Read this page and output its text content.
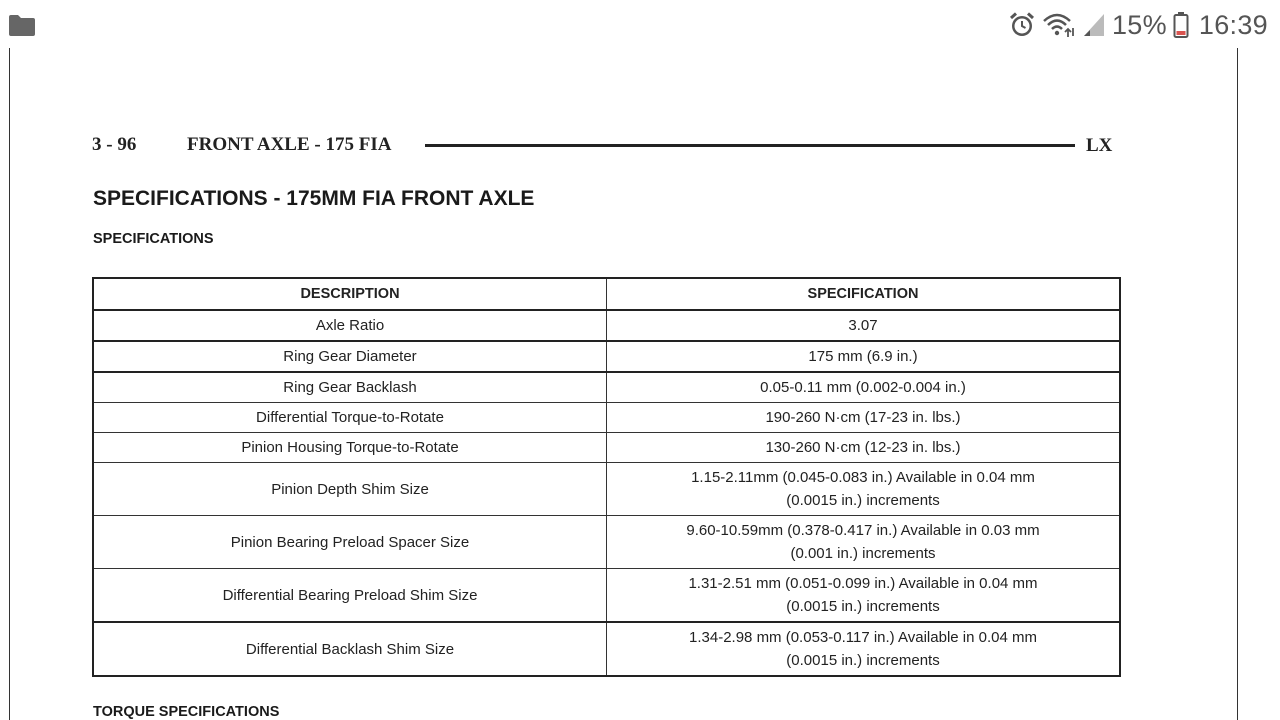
15% 16:39
3 - 96	FRONT AXLE - 175 FIA	LX
SPECIFICATIONS - 175MM FIA FRONT AXLE
SPECIFICATIONS
DESCRIPTION	SPECIFICATION
Axle Ratio	3.07

Ring Gear Diameter	175 mm (6.9 in.)

Ring Gear Backlash	0.05-0.11 mm (0.002-0.004 in.)

Differential Torque-to-Rotate	190-260 N·cm (17-23 in. lbs.)

Pinion Housing Torque-to-Rotate	130-260 N·cm (12-23 in. lbs.)

Pinion Depth Shim Size	1.15-2.11mm (0.045-0.083 in.) Available in 0.04 mm
(0.0015 in.) increments

Pinion Bearing Preload Spacer Size	9.60-10.59mm (0.378-0.417 in.) Available in 0.03 mm
(0.001 in.) increments

Differential Bearing Preload Shim Size	1.31-2.51 mm (0.051-0.099 in.) Available in 0.04 mm
(0.0015 in.) increments

Differential Backlash Shim Size	1.34-2.98 mm (0.053-0.117 in.) Available in 0.04 mm
(0.0015 in.) increments
TORQUE SPECIFICATIONS
